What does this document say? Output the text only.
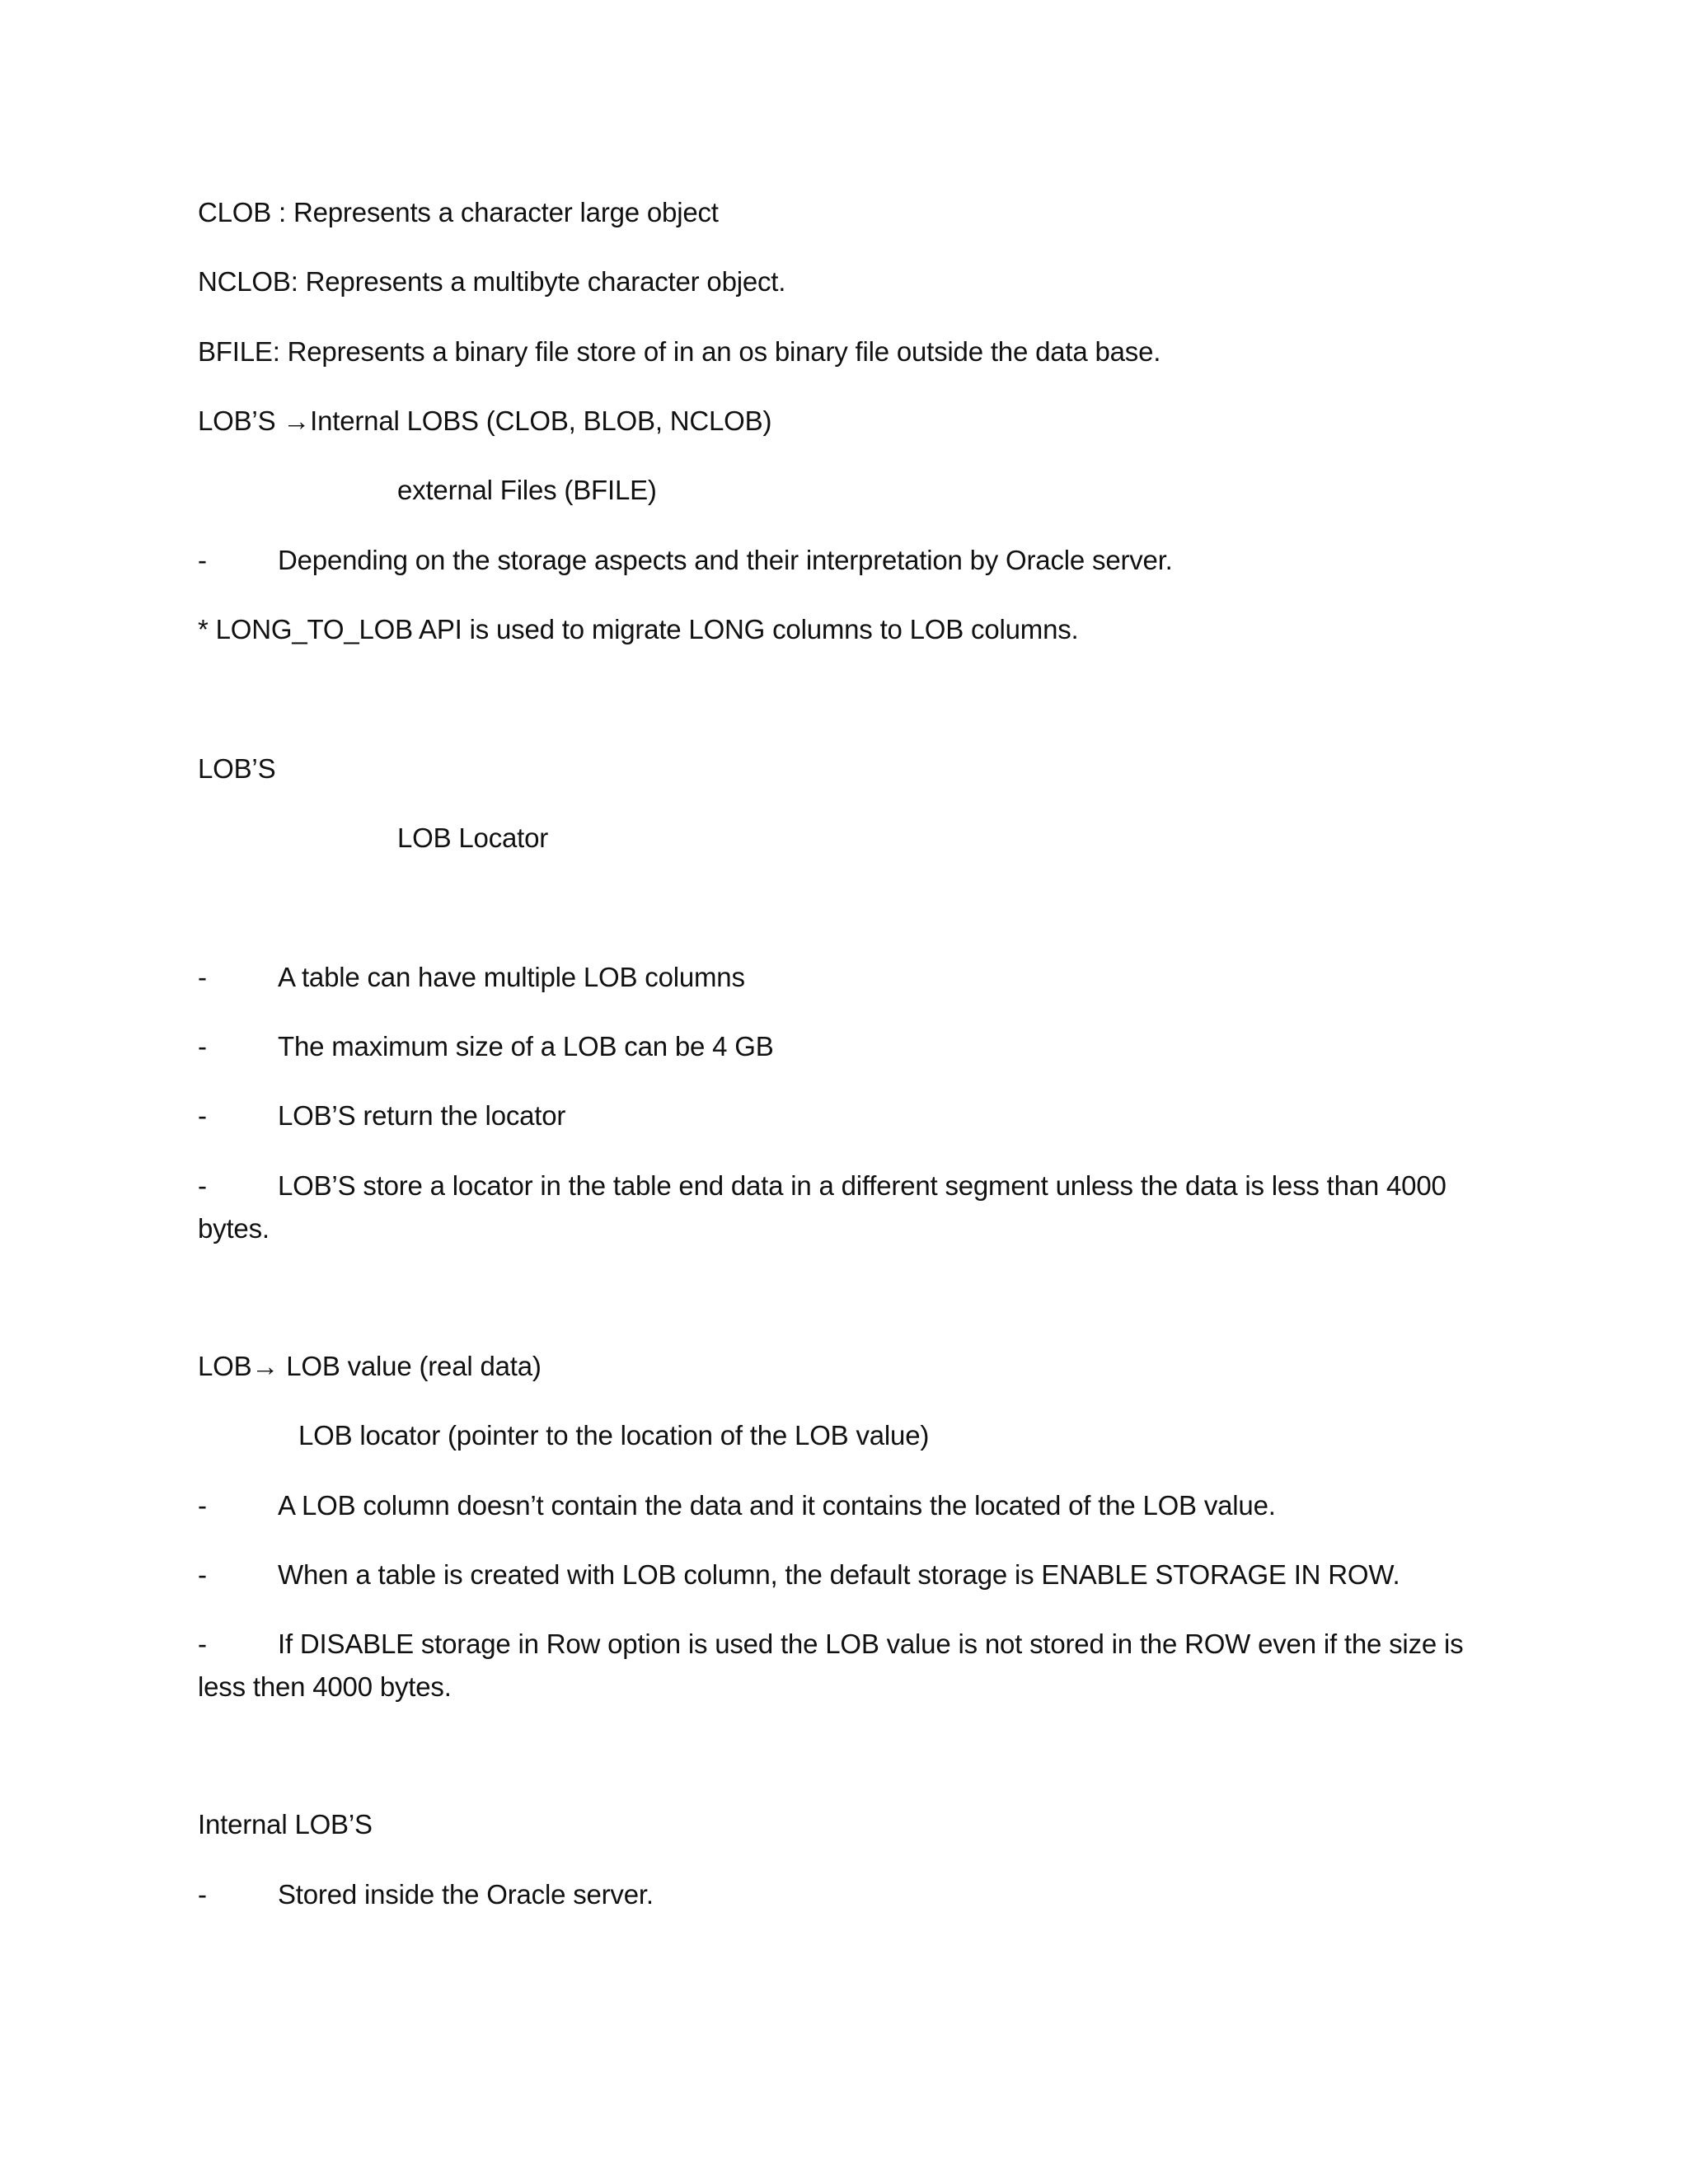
CLOB : Represents a character large object
NCLOB: Represents a multibyte character object.
BFILE: Represents a binary file store of in an os binary file outside the data base.
LOB’S →Internal LOBS (CLOB, BLOB, NCLOB)
external Files (BFILE)
-	Depending on the storage aspects and their interpretation by Oracle server.
* LONG_TO_LOB API is used to migrate LONG columns to LOB columns.
LOB’S
LOB Locator
-	A table can have multiple LOB columns
-	The maximum size of a LOB can be 4 GB
-	LOB’S return the locator
-	LOB’S store a locator in the table end data in a different segment unless the data is less than 4000 bytes.
LOB→ LOB value (real data)
LOB locator (pointer to the location of the LOB value)
-	A LOB column doesn’t contain the data and it contains the located of the LOB value.
-	When a table is created with LOB column, the default storage is ENABLE STORAGE IN ROW.
-	If DISABLE storage in Row option is used the LOB value is not stored in the ROW even if the size is less then 4000 bytes.
Internal LOB’S
-	Stored inside the Oracle server.
